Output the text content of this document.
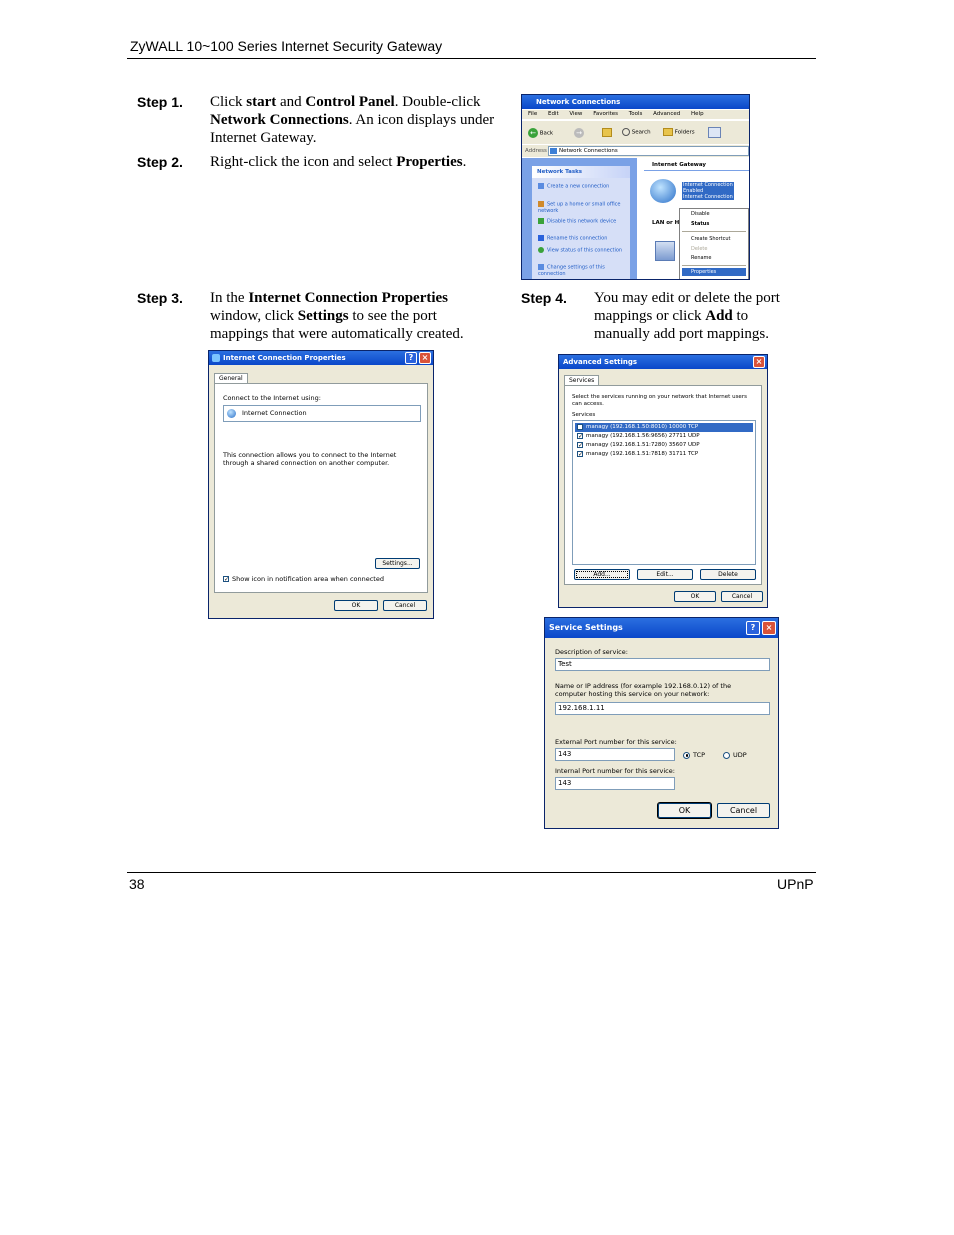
ZyWALL 10~100 Series Internet Security Gateway
Step 1. Click start and Control Panel. Double-click Network Connections. An icon displays under Internet Gateway.
Step 2. Right-click the icon and select Properties.
Step 3. In the Internet Connection Properties window, click Settings to see the port mappings that were automatically created.
Step 4. You may edit or delete the port mappings or click Add to manually add port mappings.
Network Connections
File Edit View Favorites Tools Advanced Help
← Back	→	Search	Folders
Address	Network Connections
Network Tasks
Create a new connection
Set up a home or small office network
Disable this network device
Rename this connection
View status of this connection
Change settings of this connection
Internet Gateway
Internet Connection
Enabled
Internet Connection
LAN or H
Disable
Status
Create Shortcut
Delete
Rename
Properties
Internet Connection Properties	?	×
General
Connect to the Internet using:
Internet Connection
This connection allows you to connect to the Internet through a shared connection on another computer.
Settings...
✓ Show icon in notification area when connected
OK	Cancel
Advanced Settings	×
Services
Select the services running on your network that Internet users can access.
Services
✓ managy (192.168.1.50:8010) 10000 TCP
✓ managy (192.168.1.56:9656) 27711 UDP
✓ managy (192.168.1.51:7280) 35607 UDP
✓ managy (192.168.1.51:7818) 31711 TCP
Add...	Edit...	Delete
OK	Cancel
Service Settings	?	×
Description of service:
Test
Name or IP address (for example 192.168.0.12) of the computer hosting this service on your network:
192.168.1.11
External Port number for this service:
143	TCP	UDP
Internal Port number for this service:
143
OK	Cancel
38	UPnP
